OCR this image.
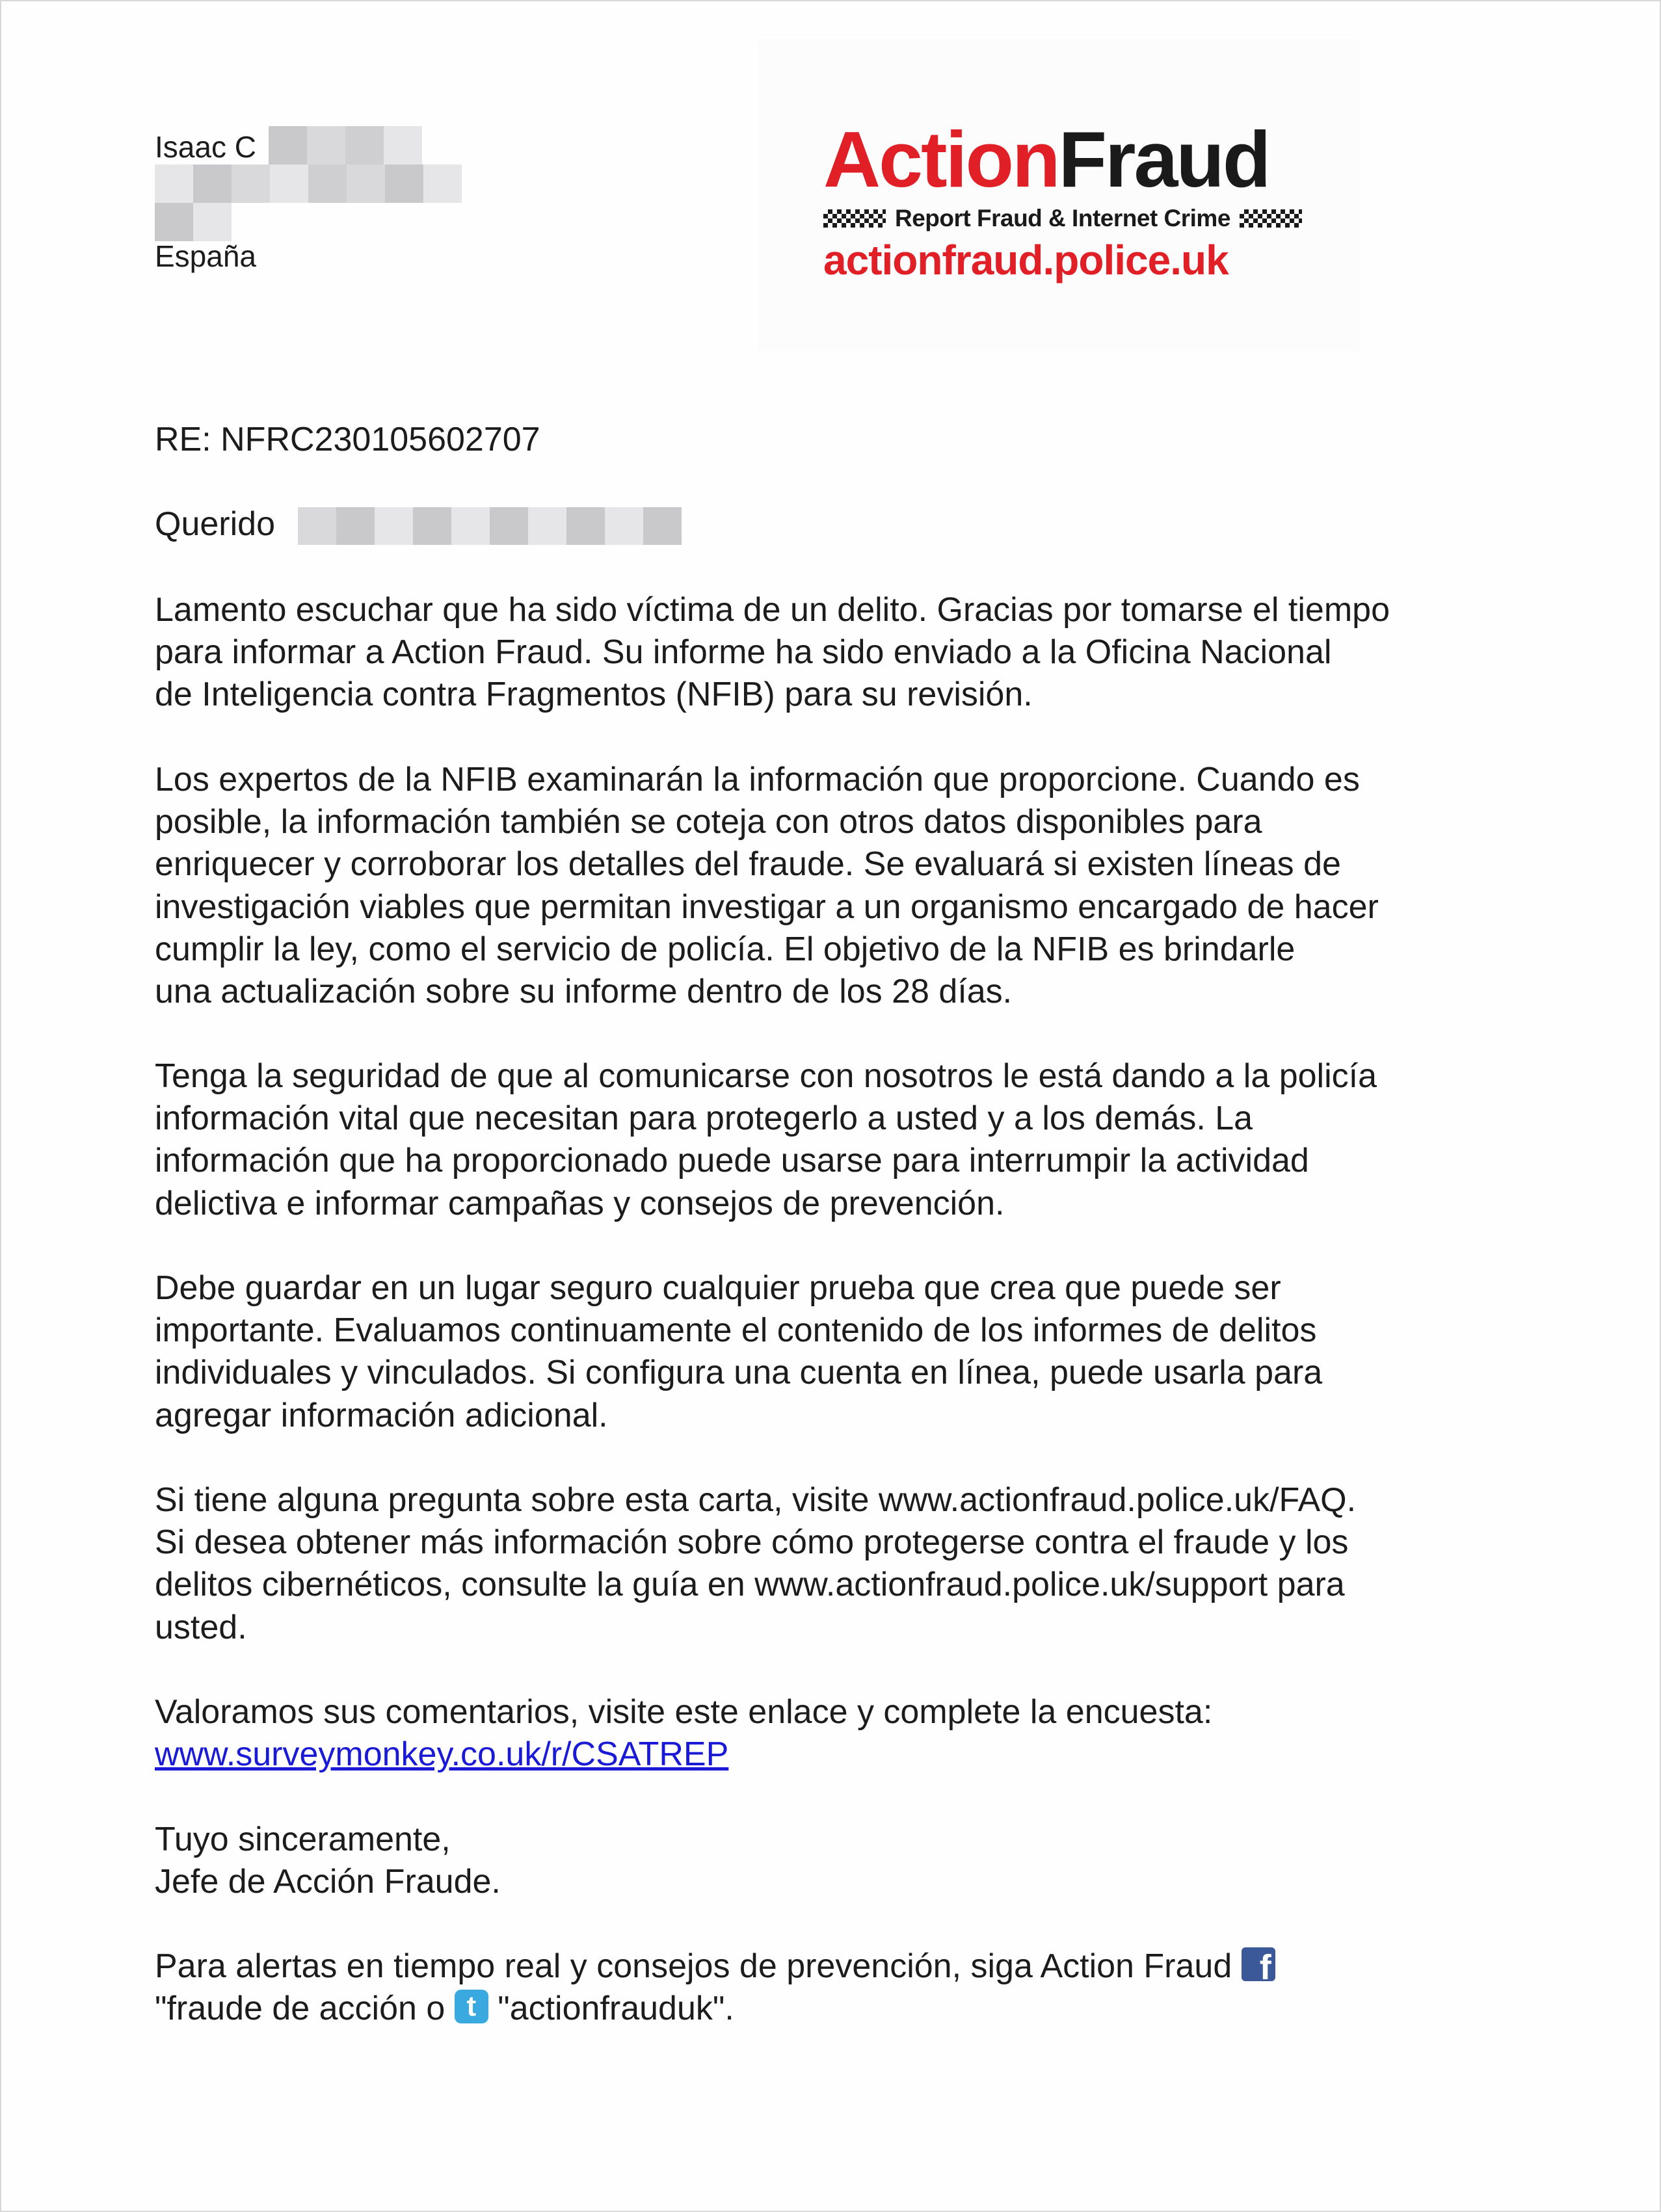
Isaac C
España
ActionFraud
Report Fraud & Internet Crime
actionfraud.police.uk
RE: NFRC230105602707
Querido
Lamento escuchar que ha sido víctima de un delito. Gracias por tomarse el tiempo
para informar a Action Fraud. Su informe ha sido enviado a la Oficina Nacional
de Inteligencia contra Fragmentos (NFIB) para su revisión.
Los expertos de la NFIB examinarán la información que proporcione. Cuando es
posible, la información también se coteja con otros datos disponibles para
enriquecer y corroborar los detalles del fraude. Se evaluará si existen líneas de
investigación viables que permitan investigar a un organismo encargado de hacer
cumplir la ley, como el servicio de policía. El objetivo de la NFIB es brindarle
una actualización sobre su informe dentro de los 28 días.
Tenga la seguridad de que al comunicarse con nosotros le está dando a la policía
información vital que necesitan para protegerlo a usted y a los demás. La
información que ha proporcionado puede usarse para interrumpir la actividad
delictiva e informar campañas y consejos de prevención.
Debe guardar en un lugar seguro cualquier prueba que crea que puede ser
importante. Evaluamos continuamente el contenido de los informes de delitos
individuales y vinculados. Si configura una cuenta en línea, puede usarla para
agregar información adicional.
Si tiene alguna pregunta sobre esta carta, visite www.actionfraud.police.uk/FAQ.
Si desea obtener más información sobre cómo protegerse contra el fraude y los
delitos cibernéticos, consulte la guía en www.actionfraud.police.uk/support para
usted.
Valoramos sus comentarios, visite este enlace y complete la encuesta:
www.surveymonkey.co.uk/r/CSATREP
Tuyo sinceramente,
Jefe de Acción Fraude.
Para alertas en tiempo real y consejos de prevención, siga Action Fraud f
"fraude de acción o t "actionfrauduk".
